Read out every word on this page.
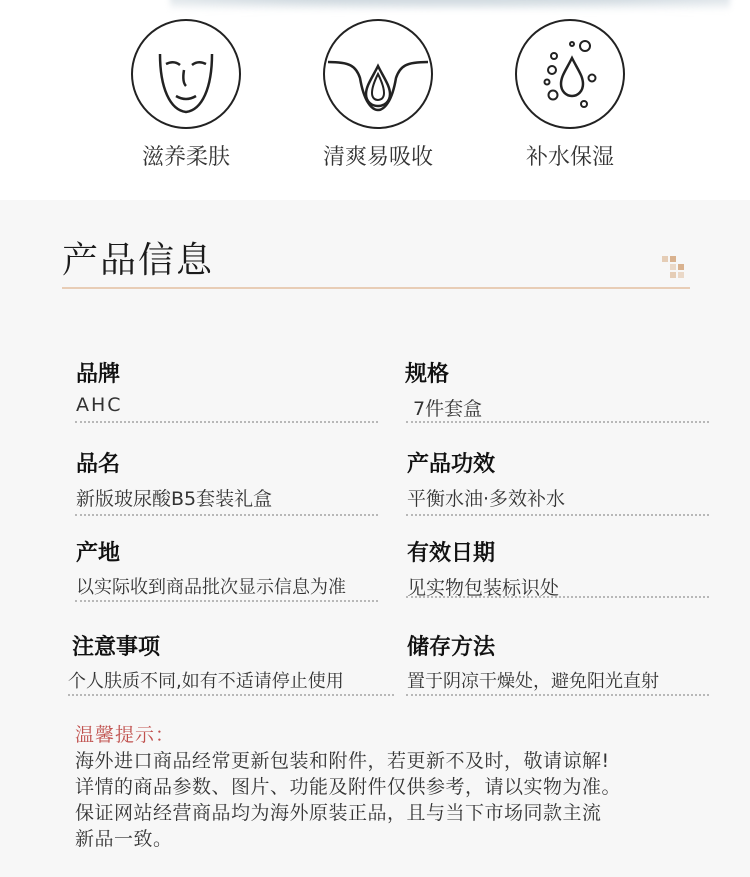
滋养柔肤	清爽易吸收	补水保湿
产品信息
品牌
AHC
规格
7件套盒
品名
新版玻尿酸B5套装礼盒
产品功效
平衡水油·多效补水
产地
以实际收到商品批次显示信息为准
有效日期
见实物包装标识处
注意事项
个人肤质不同,如有不适请停止使用
储存方法
置于阴凉干燥处，避免阳光直射
温馨提示：
海外进口商品经常更新包装和附件，若更新不及时，敬请谅解!
详情的商品参数、图片、功能及附件仅供参考，请以实物为准。
保证网站经营商品均为海外原装正品，且与当下市场同款主流
新品一致。
